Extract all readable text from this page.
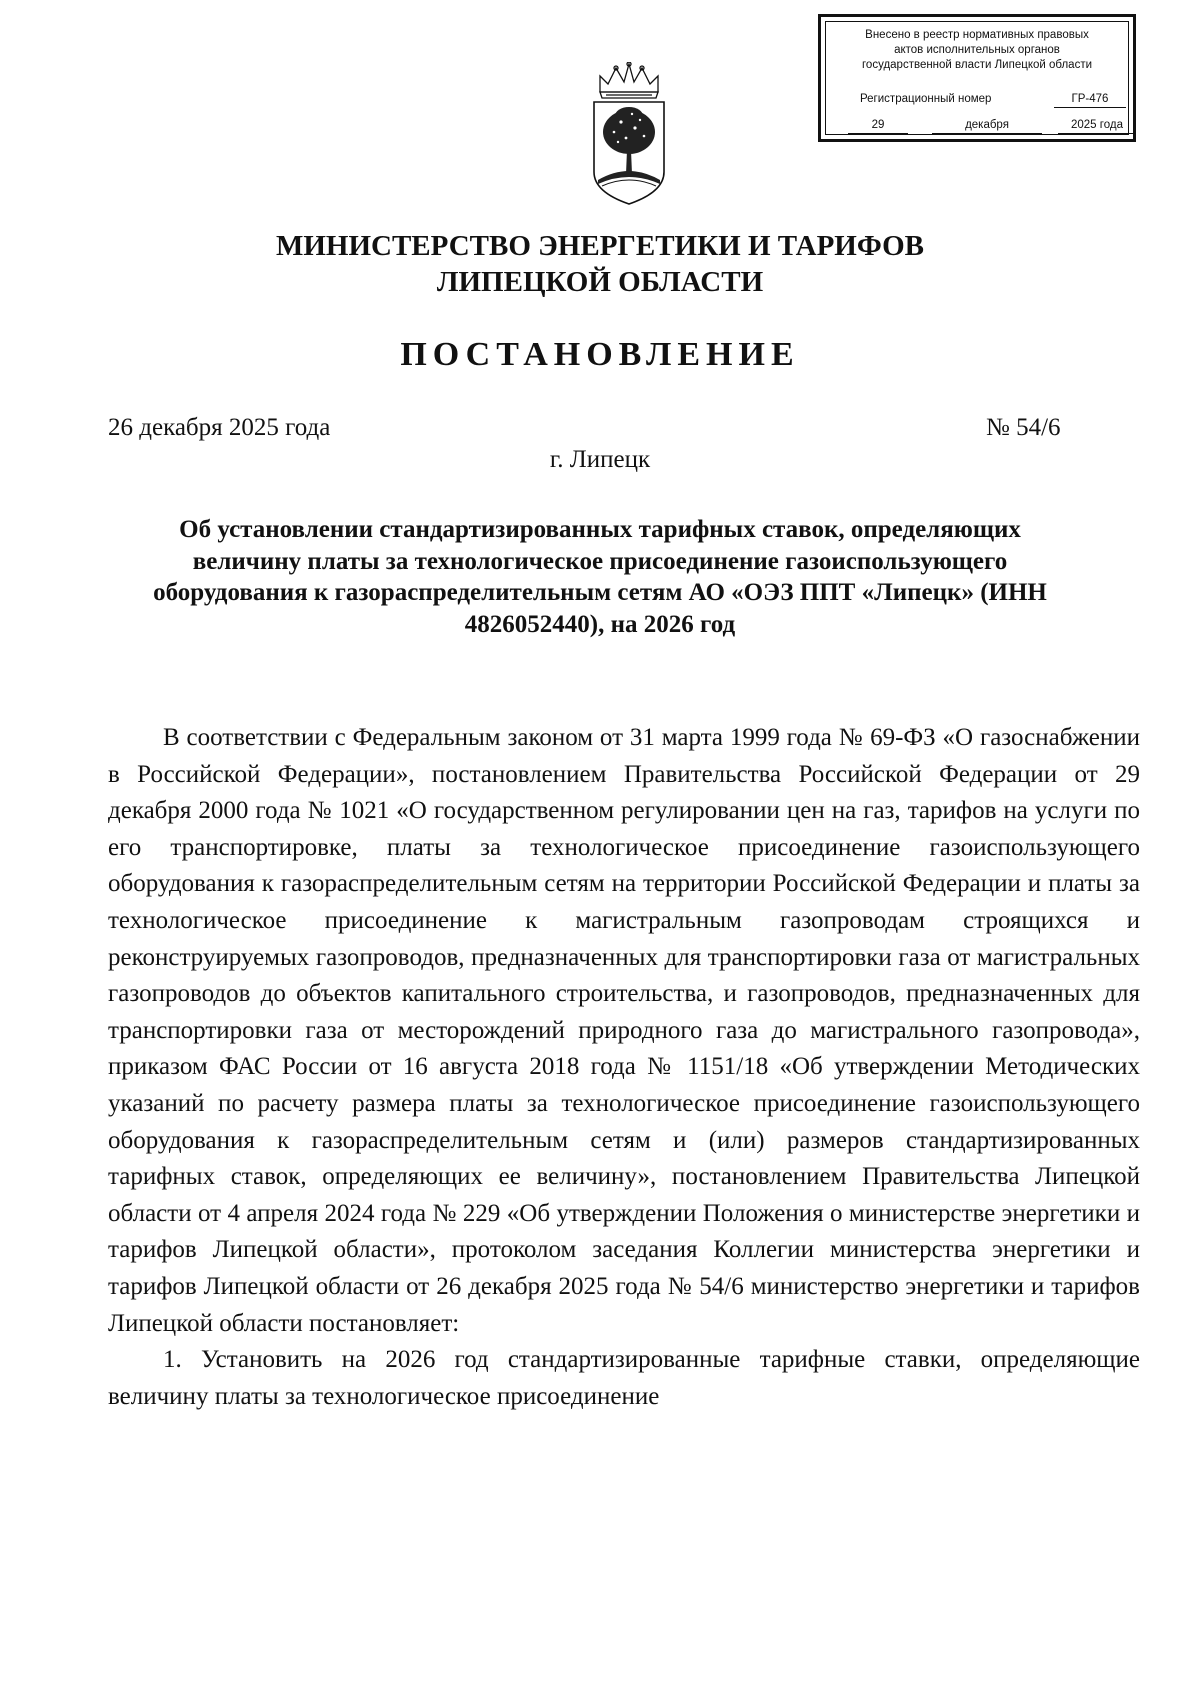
Внесено в реестр нормативных правовых
актов исполнительных органов
государственной власти Липецкой области
Регистрационный номер	ГР-476
29	декабря	2025 года
МИНИСТЕРСТВО ЭНЕРГЕТИКИ И ТАРИФОВ
ЛИПЕЦКОЙ ОБЛАСТИ
ПОСТАНОВЛЕНИЕ
26 декабря 2025 года	№ 54/6
г. Липецк
Об установлении стандартизированных тарифных ставок, определяющих величину платы за технологическое присоединение газоиспользующего оборудования к газораспределительным сетям АО «ОЭЗ ППТ «Липецк» (ИНН 4826052440), на 2026 год

В соответствии с Федеральным законом от 31 марта 1999 года № 69-ФЗ «О газоснабжении в Российской Федерации», постановлением Правительства Российской Федерации от 29 декабря 2000 года № 1021 «О государственном регулировании цен на газ, тарифов на услуги по его транспортировке, платы за технологическое присоединение газоиспользующего оборудования к газораспределительным сетям на территории Российской Федерации и платы за технологическое присоединение к магистральным газопроводам строящихся и реконструируемых газопроводов, предназначенных для транспортировки газа от магистральных газопроводов до объектов капитального строительства, и газопроводов, предназначенных для транспортировки газа от месторождений природного газа до магистрального газопровода», приказом ФАС России от 16 августа 2018 года № 1151/18 «Об утверждении Методических указаний по расчету размера платы за технологическое присоединение газоиспользующего оборудования к газораспределительным сетям и (или) размеров стандартизированных тарифных ставок, определяющих ее величину», постановлением Правительства Липецкой области от 4 апреля 2024 года № 229 «Об утверждении Положения о министерстве энергетики и тарифов Липецкой области», протоколом заседания Коллегии министерства энергетики и тарифов Липецкой области от 26 декабря 2025 года № 54/6 министерство энергетики и тарифов Липецкой области постановляет:

1. Установить на 2026 год стандартизированные тарифные ставки, определяющие величину платы за технологическое присоединение
